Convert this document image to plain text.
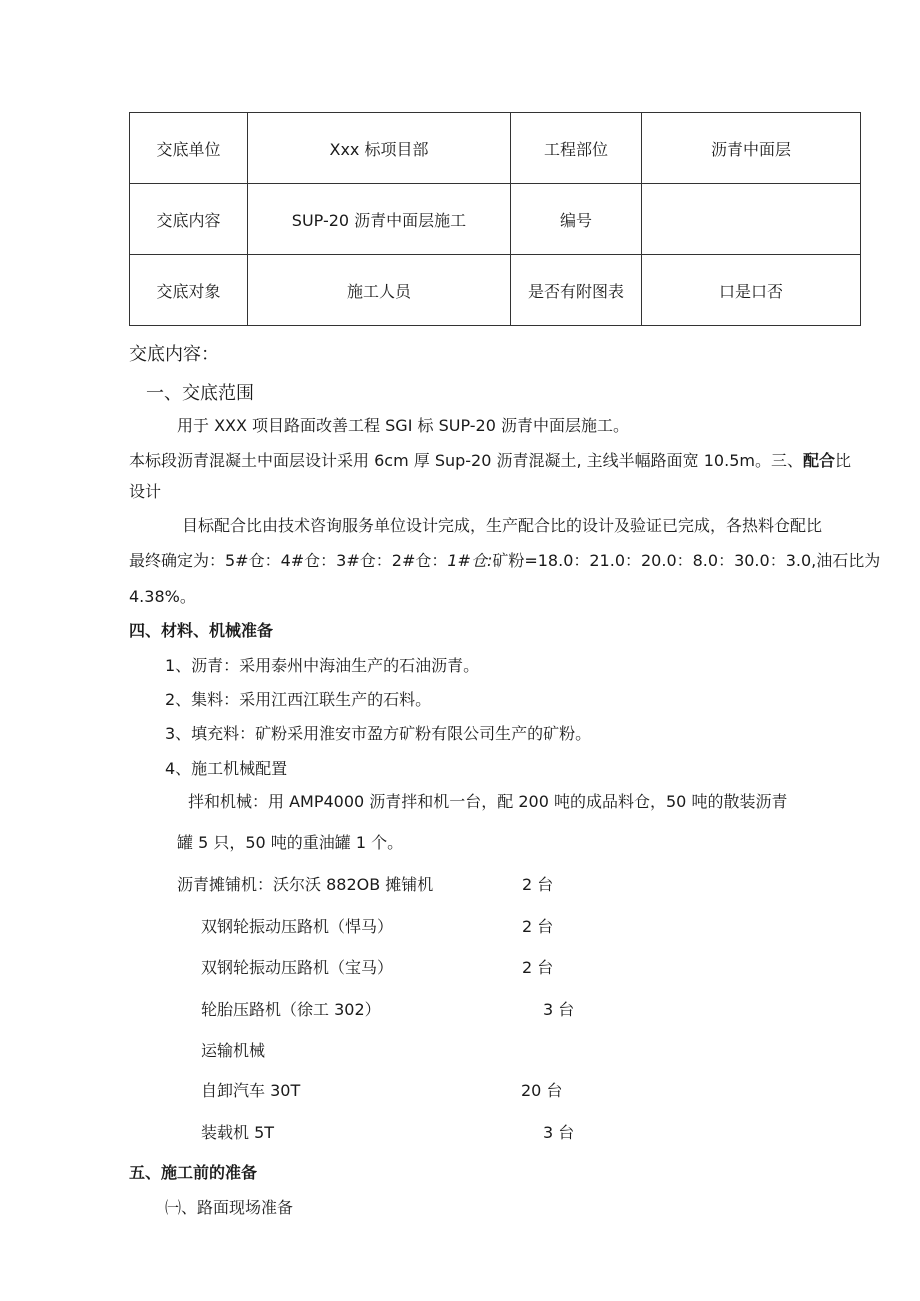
交底单位	Xxx 标项目部	工程部位	沥青中面层
交底内容	SUP-20 沥青中面层施工	编号	
交底对象	施工人员	是否有附图表	口是口否
交底内容：
一、交底范围
用于 XXX 项目路面改善工程 SGI 标 SUP-20 沥青中面层施工。
本标段沥青混凝土中面层设计采用 6cm 厚 Sup-20 沥青混凝土, 主线半幅路面宽 10.5m。三、配合比
设计
目标配合比由技术咨询服务单位设计完成，生产配合比的设计及验证已完成，各热料仓配比
最终确定为：5#仓：4#仓：3#仓：2#仓：1#仓:矿粉=18.0：21.0：20.0：8.0：30.0：3.0,油石比为
4.38%。
四、材料、机械准备
1、沥青：采用泰州中海油生产的石油沥青。
2、集料：采用江西江联生产的石料。
3、填充料：矿粉采用淮安市盈方矿粉有限公司生产的矿粉。
4、施工机械配置
拌和机械：用 AMP4000 沥青拌和机一台，配 200 吨的成品料仓，50 吨的散装沥青
罐 5 只，50 吨的重油罐 1 个。
沥青摊铺机：沃尔沃 882OB 摊铺机	2 台
双钢轮振动压路机（悍马）	2 台
双钢轮振动压路机（宝马）	2 台
轮胎压路机（徐工 302）	3 台
运输机械
自卸汽车 30T	20 台
装载机 5T	3 台
五、施工前的准备
㈠、路面现场准备
